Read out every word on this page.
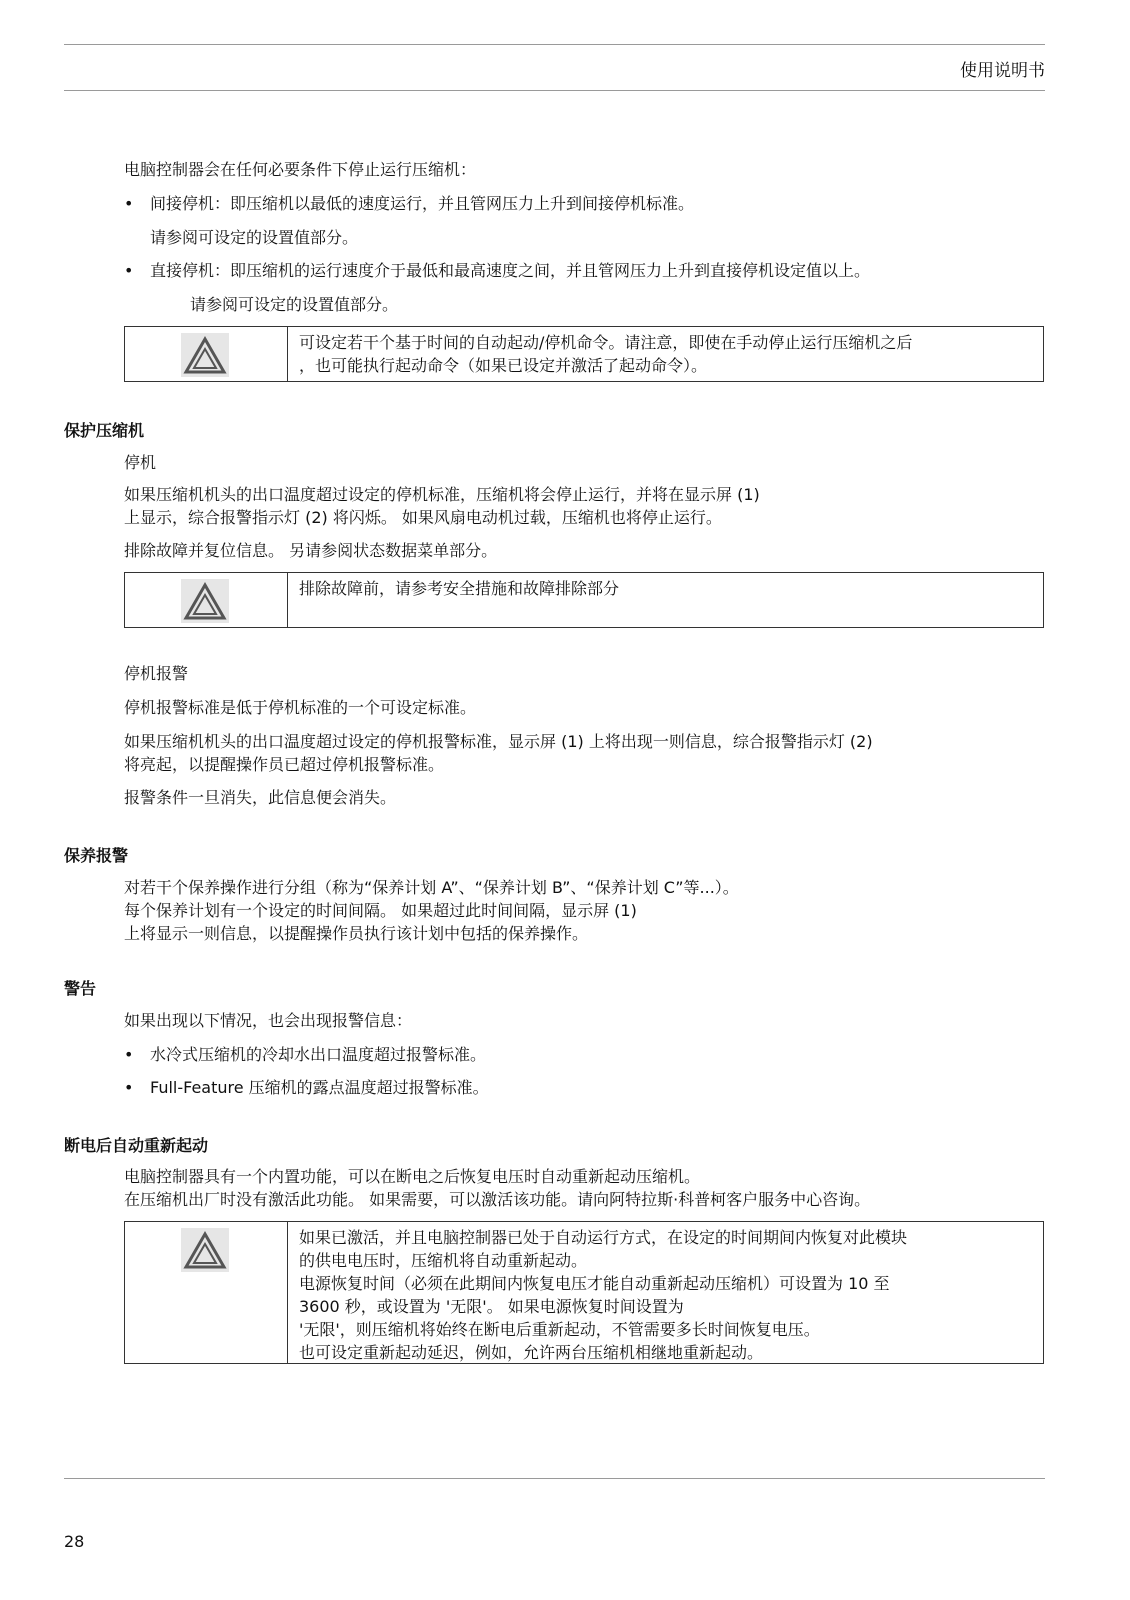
使用说明书
电脑控制器会在任何必要条件下停止运行压缩机：
• 间接停机：即压缩机以最低的速度运行，并且管网压力上升到间接停机标准。
请参阅可设定的设置值部分。
• 直接停机：即压缩机的运行速度介于最低和最高速度之间，并且管网压力上升到直接停机设定值以上。
请参阅可设定的设置值部分。
可设定若干个基于时间的自动起动/停机命令。请注意，即使在手动停止运行压缩机之后
，也可能执行起动命令（如果已设定并激活了起动命令）。
保护压缩机
停机
如果压缩机机头的出口温度超过设定的停机标准，压缩机将会停止运行，并将在显示屏 (1)
上显示，综合报警指示灯 (2) 将闪烁。 如果风扇电动机过载，压缩机也将停止运行。
排除故障并复位信息。 另请参阅状态数据菜单部分。
排除故障前，请参考安全措施和故障排除部分
停机报警
停机报警标准是低于停机标准的一个可设定标准。
如果压缩机机头的出口温度超过设定的停机报警标准，显示屏 (1) 上将出现一则信息，综合报警指示灯 (2)
将亮起，以提醒操作员已超过停机报警标准。
报警条件一旦消失，此信息便会消失。
保养报警
对若干个保养操作进行分组（称为“保养计划 A”、“保养计划 B”、“保养计划 C”等...）。
每个保养计划有一个设定的时间间隔。 如果超过此时间间隔，显示屏 (1)
上将显示一则信息，以提醒操作员执行该计划中包括的保养操作。
警告
如果出现以下情况，也会出现报警信息：
• 水冷式压缩机的冷却水出口温度超过报警标准。
• Full-Feature 压缩机的露点温度超过报警标准。
断电后自动重新起动
电脑控制器具有一个内置功能，可以在断电之后恢复电压时自动重新起动压缩机。
在压缩机出厂时没有激活此功能。 如果需要，可以激活该功能。请向阿特拉斯·科普柯客户服务中心咨询。
如果已激活，并且电脑控制器已处于自动运行方式，在设定的时间期间内恢复对此模块
的供电电压时，压缩机将自动重新起动。
电源恢复时间（必须在此期间内恢复电压才能自动重新起动压缩机）可设置为 10 至
3600 秒，或设置为 '无限'。 如果电源恢复时间设置为
'无限'，则压缩机将始终在断电后重新起动，不管需要多长时间恢复电压。
也可设定重新起动延迟，例如，允许两台压缩机相继地重新起动。
28
